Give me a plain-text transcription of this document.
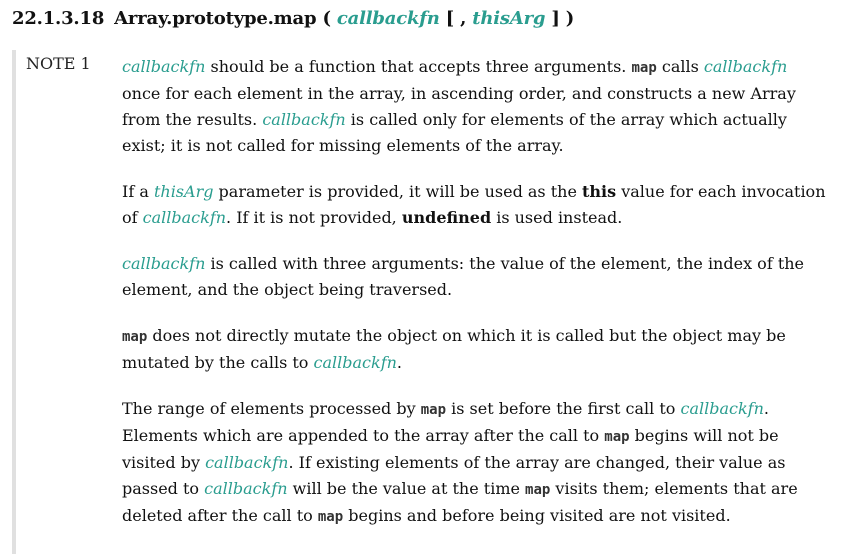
22.1.3.18 Array.prototype.map ( callbackfn [ , thisArg ] )
NOTE 1 callbackfn should be a function that accepts three arguments. map calls callbackfn once for each element in the array, in ascending order, and constructs a new Array from the results. callbackfn is called only for elements of the array which actually exist; it is not called for missing elements of the array.

If a thisArg parameter is provided, it will be used as the this value for each invocation of callbackfn. If it is not provided, undefined is used instead.

callbackfn is called with three arguments: the value of the element, the index of the element, and the object being traversed.

map does not directly mutate the object on which it is called but the object may be mutated by the calls to callbackfn.

The range of elements processed by map is set before the first call to callbackfn. Elements which are appended to the array after the call to map begins will not be visited by callbackfn. If existing elements of the array are changed, their value as passed to callbackfn will be the value at the time map visits them; elements that are deleted after the call to map begins and before being visited are not visited.
